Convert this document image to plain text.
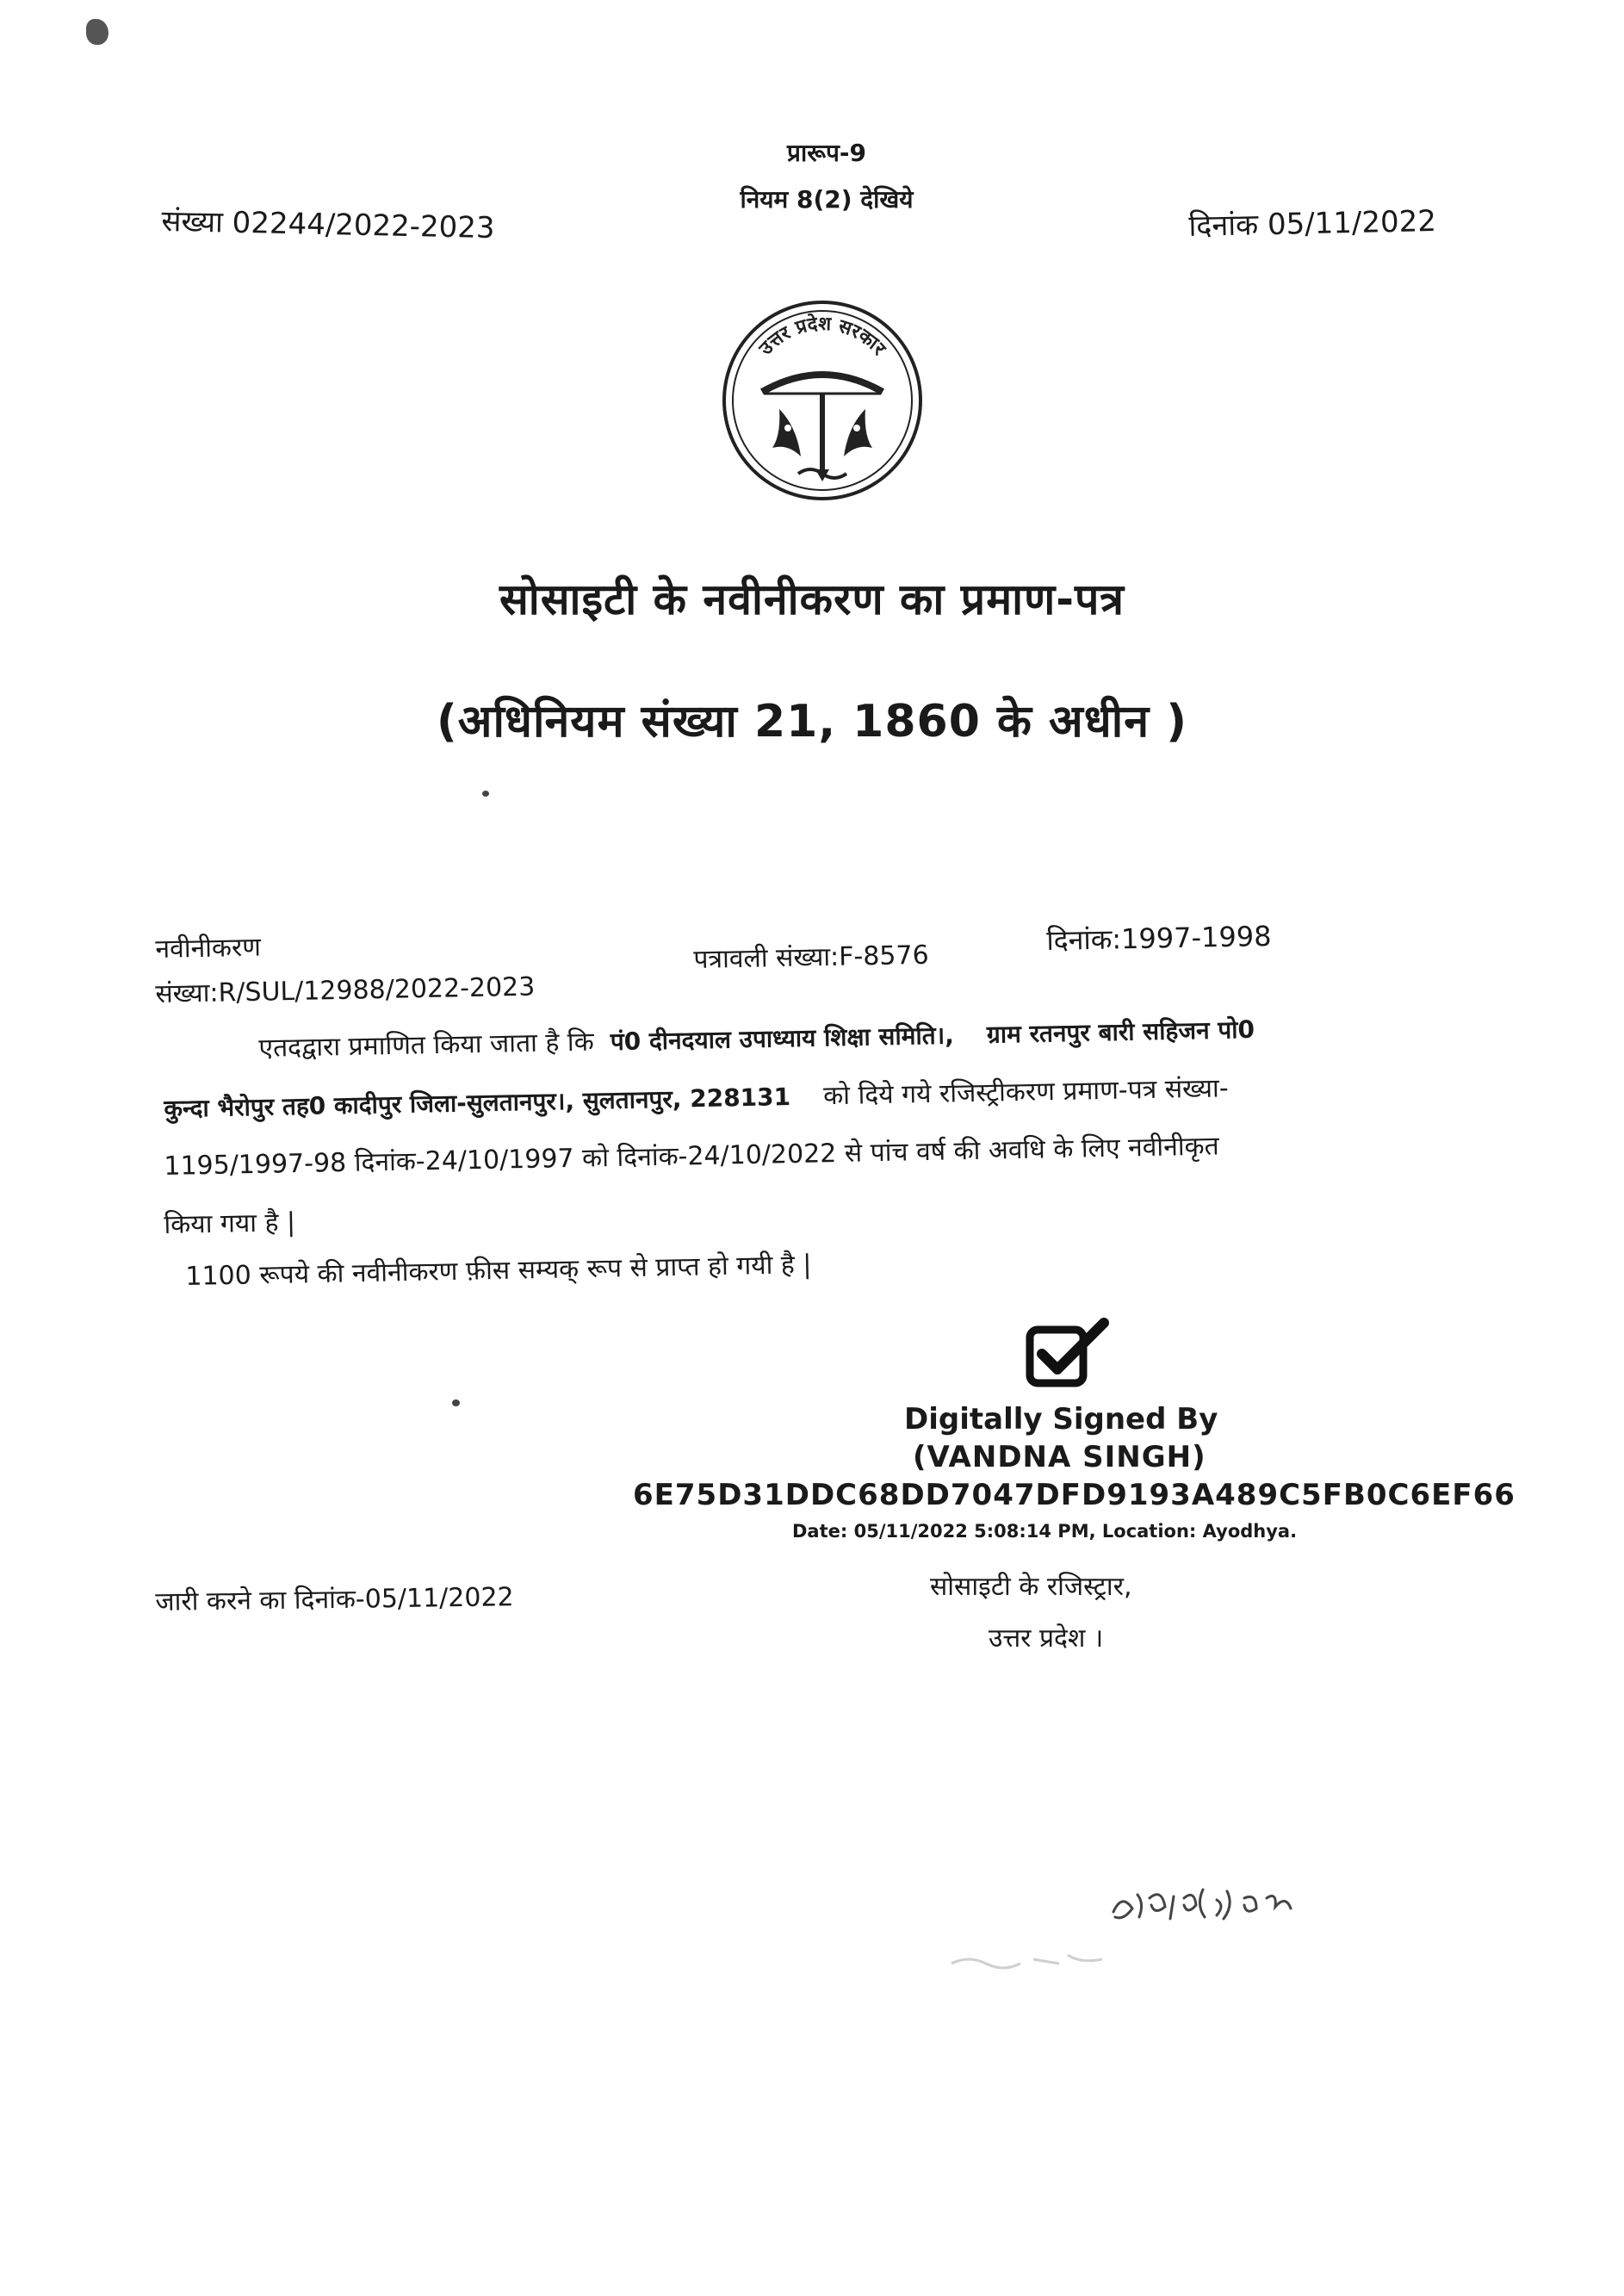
प्रारूप-9
नियम 8(2) देखिये
संख्या 02244/2022-2023	दिनांक 05/11/2022
उत्तर प्रदेश सरकार
सोसाइटी के नवीनीकरण का प्रमाण-पत्र
(अधिनियम संख्या 21, 1860 के अधीन )
नवीनीकरण
संख्या:R/SUL/12988/2022-2023
पत्रावली संख्या:F-8576
दिनांक:1997-1998
एतदद्वारा प्रमाणित किया जाता है कि पं0 दीनदयाल उपाध्याय शिक्षा समिति।, ग्राम रतनपुर बारी सहिजन पो0
कुन्दा भैरोपुर तह0 कादीपुर जिला-सुलतानपुर।, सुलतानपुर, 228131 को दिये गये रजिस्ट्रीकरण प्रमाण-पत्र संख्या-
1195/1997-98 दिनांक-24/10/1997 को दिनांक-24/10/2022 से पांच वर्ष की अवधि के लिए नवीनीकृत
किया गया है |
1100 रूपये की नवीनीकरण फ़ीस सम्यक् रूप से प्राप्त हो गयी है |
Digitally Signed By
(VANDNA SINGH)
6E75D31DDC68DD7047DFD9193A489C5FB0C6EF66
Date: 05/11/2022 5:08:14 PM, Location: Ayodhya.
जारी करने का दिनांक-05/11/2022	सोसाइटी के रजिस्ट्रार,
उत्तर प्रदेश ।
